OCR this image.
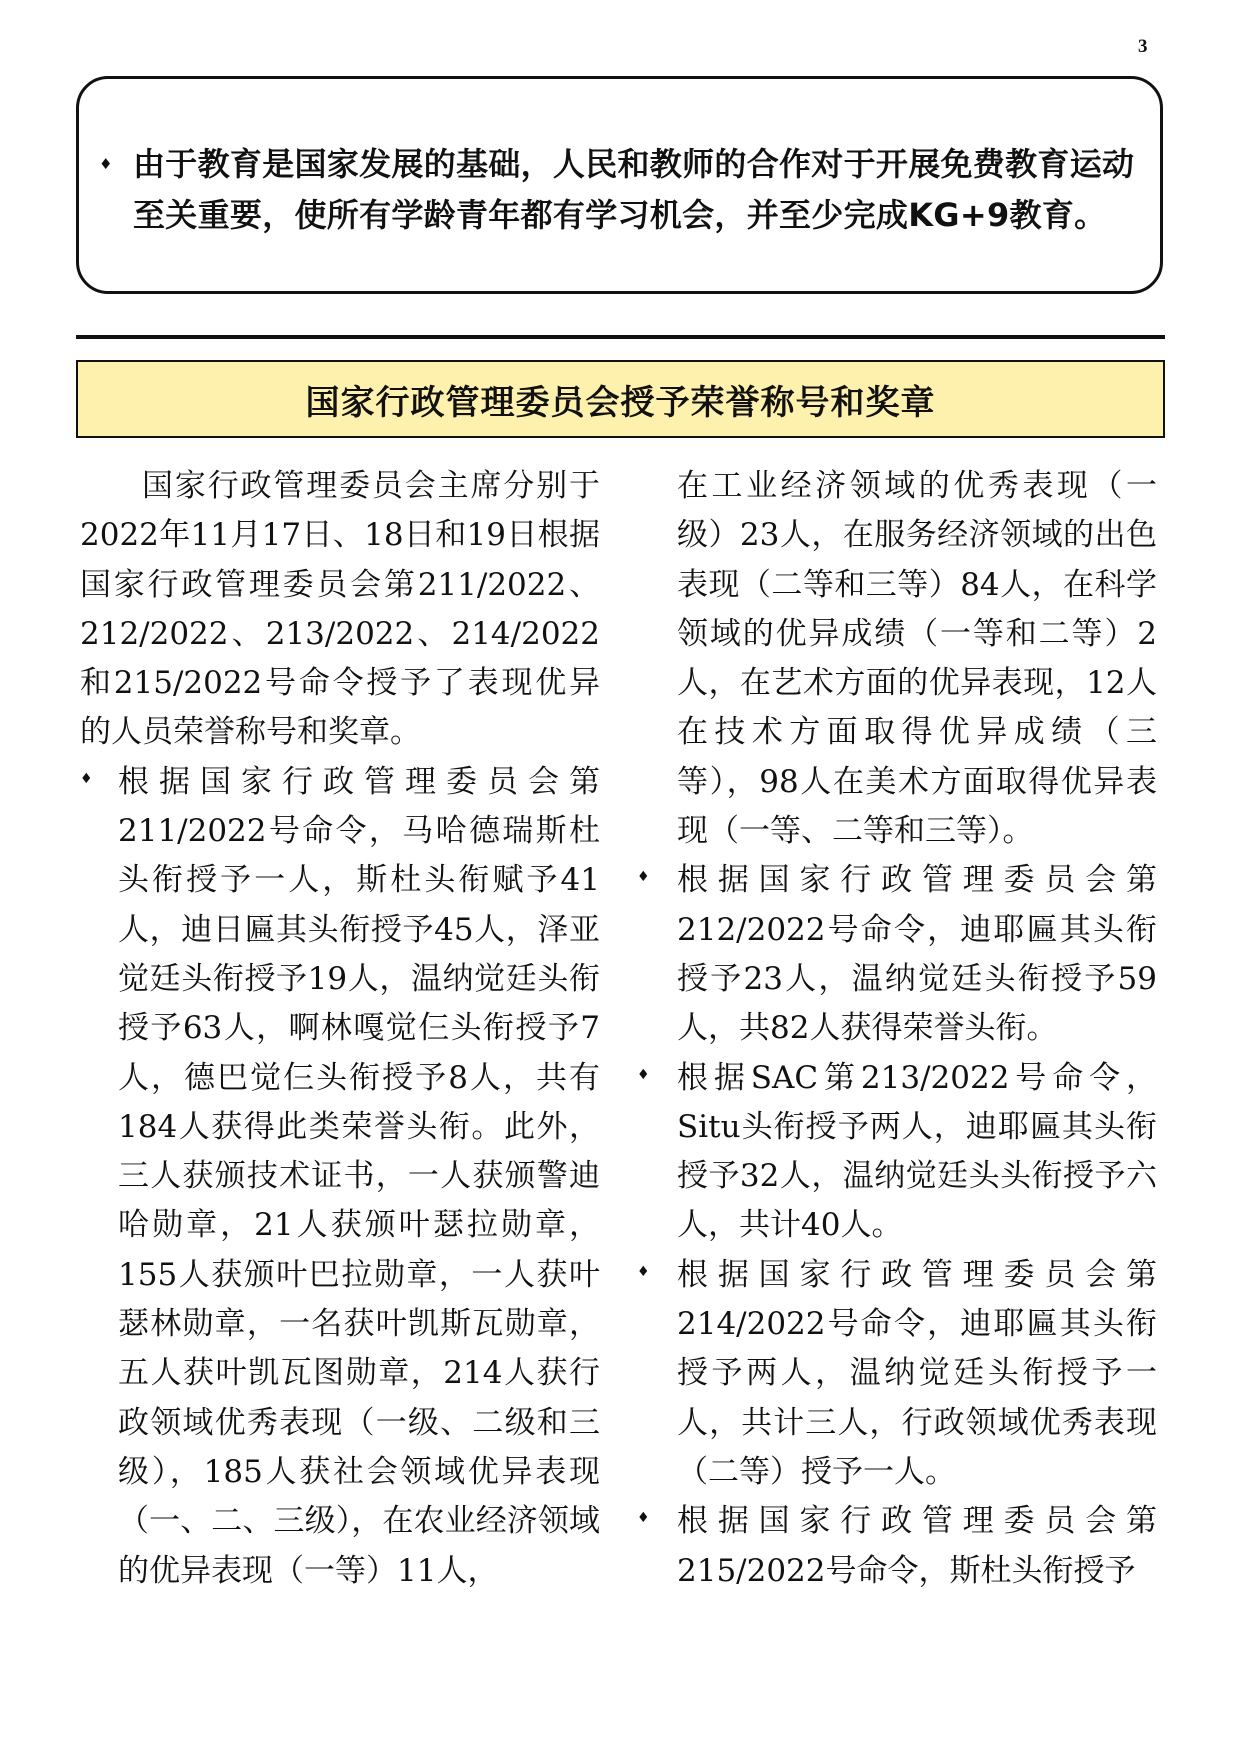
3
♦ 由于教育是国家发展的基础，人民和教师的合作对于开展免费教育运动至关重要，使所有学龄青年都有学习机会，并至少完成KG+9教育。
国家行政管理委员会授予荣誉称号和奖章

国家行政管理委员会主席分别于2022年11月17日、18日和19日根据国家行政管理委员会第211/2022、212/2022、213/2022、214/2022和215/2022号命令授予了表现优异的人员荣誉称号和奖章。

♦ 根据国家行政管理委员会第211/2022号命令，马哈德瑞斯杜头衔授予一人，斯杜头衔赋予41人，迪日匾其头衔授予45人，泽亚觉廷头衔授予19人，温纳觉廷头衔授予63人，啊林嘎觉仨头衔授予7人，德巴觉仨头衔授予8人，共有184人获得此类荣誉头衔。此外，三人获颁技术证书，一人获颁警迪哈勋章，21人获颁叶瑟拉勋章，155人获颁叶巴拉勋章，一人获叶瑟林勋章，一名获叶凯斯瓦勋章，五人获叶凯瓦图勋章，214人获行政领域优秀表现（一级、二级和三级），185人获社会领域优异表现（一、二、三级），在农业经济领域的优异表现（一等）11人，

在工业经济领域的优秀表现（一级）23人，在服务经济领域的出色表现（二等和三等）84人，在科学领域的优异成绩（一等和二等）2人，在艺术方面的优异表现，12人在技术方面取得优异成绩（三等），98人在美术方面取得优异表现（一等、二等和三等）。

♦ 根据国家行政管理委员会第212/2022号命令，迪耶匾其头衔授予23人，温纳觉廷头衔授予59人，共82人获得荣誉头衔。
♦ 根据SAC第213/2022号命令，Situ头衔授予两人，迪耶匾其头衔授予32人，温纳觉廷头头衔授予六人，共计40人。
♦ 根据国家行政管理委员会第214/2022号命令，迪耶匾其头衔授予两人，温纳觉廷头衔授予一人，共计三人，行政领域优秀表现（二等）授予一人。
♦ 根据国家行政管理委员会第215/2022号命令，斯杜头衔授予
